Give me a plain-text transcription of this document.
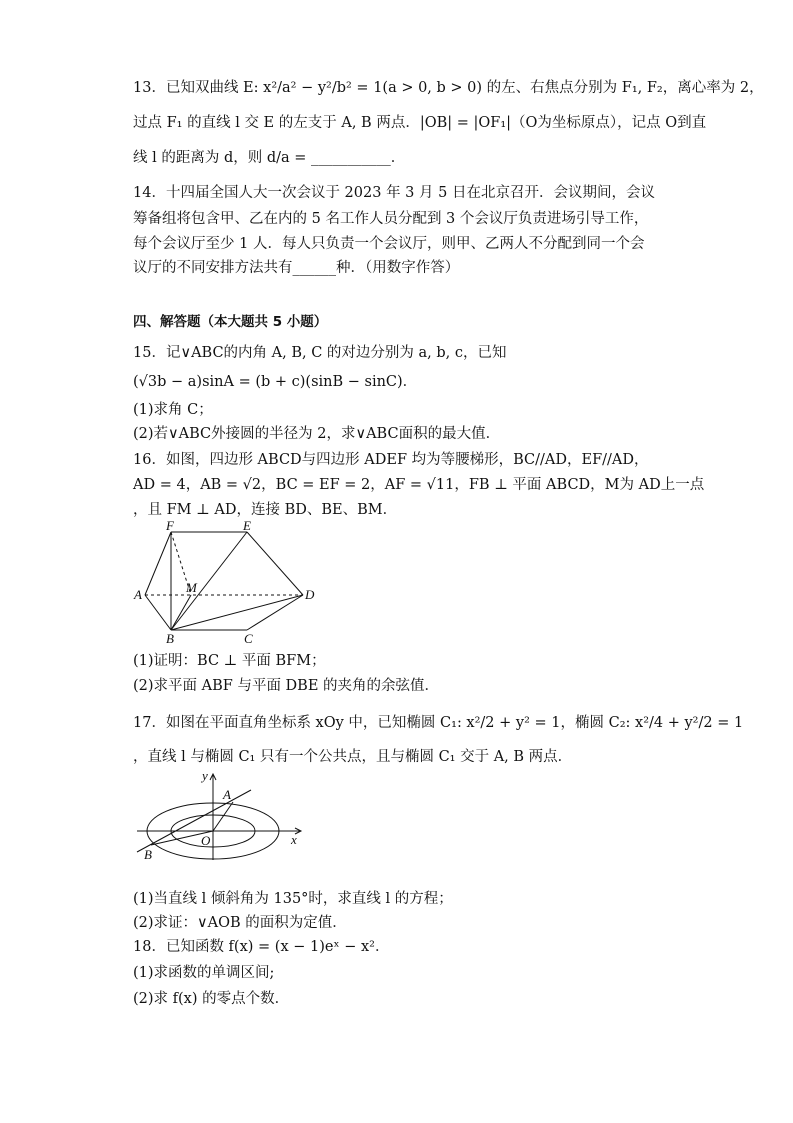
13．已知双曲线 E: x²/a² − y²/b² = 1(a > 0, b > 0) 的左、右焦点分别为 F₁, F₂，离心率为 2，
过点 F₁ 的直线 l 交 E 的左支于 A, B 两点．|OB| = |OF₁|（O为坐标原点），记点 O到直
线 l 的距离为 d，则 d/a = ___________．
14．十四届全国人大一次会议于 2023 年 3 月 5 日在北京召开．会议期间，会议
筹备组将包含甲、乙在内的 5 名工作人员分配到 3 个会议厅负责进场引导工作，
每个会议厅至少 1 人．每人只负责一个会议厅，则甲、乙两人不分配到同一个会
议厅的不同安排方法共有______种．（用数字作答）
四、解答题（本大题共 5 小题）
15．记∨ABC的内角 A, B, C 的对边分别为 a, b, c，已知
(√3b − a)sinA = (b + c)(sinB − sinC)．
(1)求角 C；
(2)若∨ABC外接圆的半径为 2，求∨ABC面积的最大值．
16．如图，四边形 ABCD与四边形 ADEF 均为等腰梯形，BC//AD，EF//AD，
AD = 4，AB = √2，BC = EF = 2，AF = √11，FB ⊥ 平面 ABCD，M为 AD上一点
，且 FM ⊥ AD，连接 BD、BE、BM．
F	E
A	M	D
B	C
(1)证明：BC ⊥ 平面 BFM；
(2)求平面 ABF 与平面 DBE 的夹角的余弦值．
17．如图在平面直角坐标系 xOy 中，已知椭圆 C₁: x²/2 + y² = 1，椭圆 C₂: x²/4 + y²/2 = 1
，直线 l 与椭圆 C₁ 只有一个公共点，且与椭圆 C₁ 交于 A, B 两点．
y
A
O	x
B
(1)当直线 l 倾斜角为 135°时，求直线 l 的方程；
(2)求证：∨AOB 的面积为定值．
18．已知函数 f(x) = (x − 1)eˣ − x²．
(1)求函数的单调区间;
(2)求 f(x) 的零点个数．
